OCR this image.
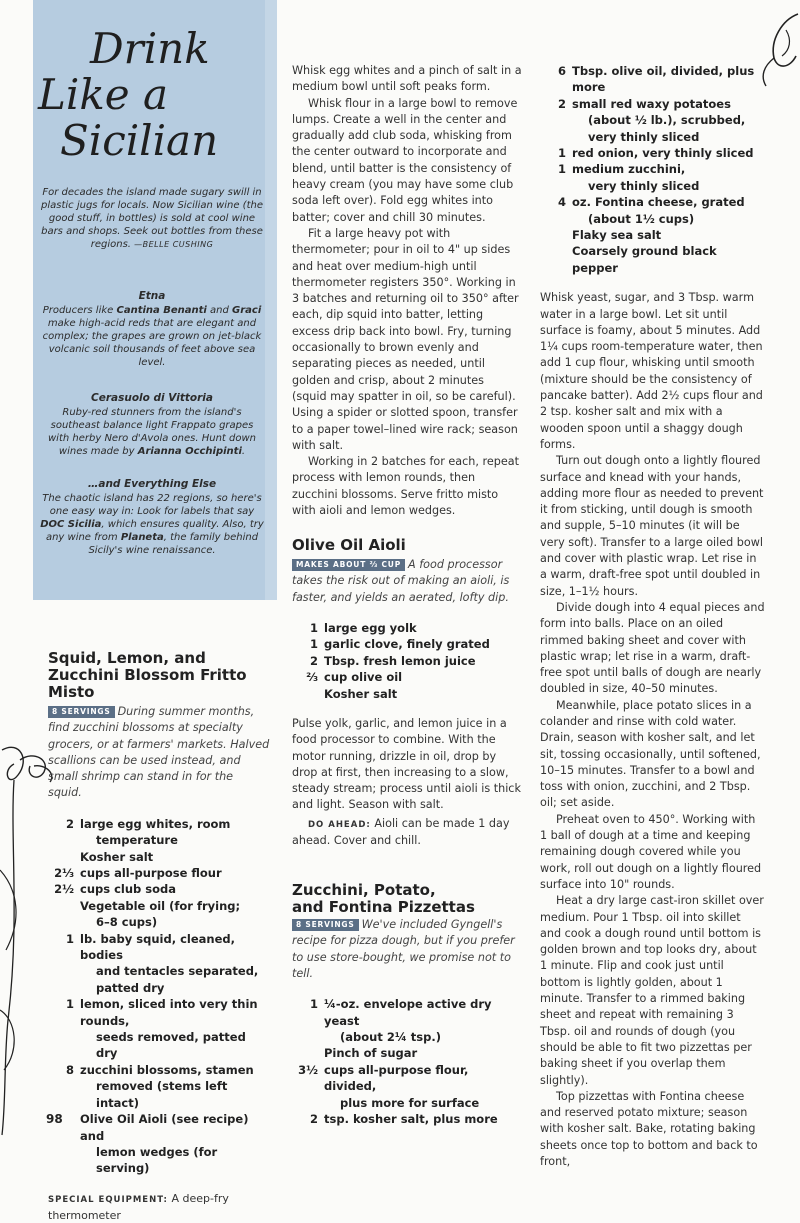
Drink
Like a
Sicilian
For decades the island made sugary swill in plastic jugs for locals. Now Sicilian wine (the good stuff, in bottles) is sold at cool wine bars and shops. Seek out bottles from these regions. —BELLE CUSHING
Etna
Producers like Cantina Benanti and Graci make high-acid reds that are elegant and complex; the grapes are grown on jet-black volcanic soil thousands of feet above sea level.
Cerasuolo di Vittoria
Ruby-red stunners from the island's southeast balance light Frappato grapes with herby Nero d'Avola ones. Hunt down wines made by Arianna Occhipinti.
…and Everything Else
The chaotic island has 22 regions, so here's one easy way in: Look for labels that say DOC Sicilia, which ensures quality. Also, try any wine from Planeta, the family behind Sicily's wine renaissance.
Squid, Lemon, and Zucchini Blossom Fritto Misto
8 SERVINGS During summer months, find zucchini blossoms at specialty grocers, or at farmers' markets. Halved scallions can be used instead, and small shrimp can stand in for the squid.
2 large egg whites, room
temperature
Kosher salt
2⅓ cups all-purpose flour
2½ cups club soda
Vegetable oil (for frying;
6–8 cups)
1 lb. baby squid, cleaned, bodies
and tentacles separated, patted dry
1 lemon, sliced into very thin rounds,
seeds removed, patted dry
8 zucchini blossoms, stamen
removed (stems left intact)
Olive Oil Aioli (see recipe) and
lemon wedges (for serving)
SPECIAL EQUIPMENT: A deep-fry thermometer
98

Whisk egg whites and a pinch of salt in a medium bowl until soft peaks form.

Whisk flour in a large bowl to remove lumps. Create a well in the center and gradually add club soda, whisking from the center outward to incorporate and blend, until batter is the consistency of heavy cream (you may have some club soda left over). Fold egg whites into batter; cover and chill 30 minutes.

Fit a large heavy pot with thermometer; pour in oil to 4" up sides and heat over medium-high until thermometer registers 350°. Working in 3 batches and returning oil to 350° after each, dip squid into batter, letting excess drip back into bowl. Fry, turning occasionally to brown evenly and separating pieces as needed, until golden and crisp, about 2 minutes (squid may spatter in oil, so be careful). Using a spider or slotted spoon, transfer to a paper towel–lined wire rack; season with salt.

Working in 2 batches for each, repeat process with lemon rounds, then zucchini blossoms. Serve fritto misto with aioli and lemon wedges.

Olive Oil Aioli
MAKES ABOUT ⅔ CUP A food processor takes the risk out of making an aioli, is faster, and yields an aerated, lofty dip.
1 large egg yolk
1 garlic clove, finely grated
2 Tbsp. fresh lemon juice
⅔ cup olive oil
Kosher salt

Pulse yolk, garlic, and lemon juice in a food processor to combine. With the motor running, drizzle in oil, drop by drop at first, then increasing to a slow, steady stream; process until aioli is thick and light. Season with salt.

DO AHEAD: Aioli can be made 1 day ahead. Cover and chill.

Zucchini, Potato,
and Fontina Pizzettas
8 SERVINGS We've included Gyngell's recipe for pizza dough, but if you prefer to use store-bought, we promise not to tell.
1 ¼-oz. envelope active dry yeast
(about 2¼ tsp.)
Pinch of sugar
3½ cups all-purpose flour, divided,
plus more for surface
2 tsp. kosher salt, plus more
6 Tbsp. olive oil, divided, plus more
2 small red waxy potatoes
(about ½ lb.), scrubbed,
very thinly sliced
1 red onion, very thinly sliced
1 medium zucchini,
very thinly sliced
4 oz. Fontina cheese, grated
(about 1½ cups)
Flaky sea salt
Coarsely ground black pepper

Whisk yeast, sugar, and 3 Tbsp. warm water in a large bowl. Let sit until surface is foamy, about 5 minutes. Add 1¼ cups room-temperature water, then add 1 cup flour, whisking until smooth (mixture should be the consistency of pancake batter). Add 2½ cups flour and 2 tsp. kosher salt and mix with a wooden spoon until a shaggy dough forms.

Turn out dough onto a lightly floured surface and knead with your hands, adding more flour as needed to prevent it from sticking, until dough is smooth and supple, 5–10 minutes (it will be very soft). Transfer to a large oiled bowl and cover with plastic wrap. Let rise in a warm, draft-free spot until doubled in size, 1–1½ hours.

Divide dough into 4 equal pieces and form into balls. Place on an oiled rimmed baking sheet and cover with plastic wrap; let rise in a warm, draft-free spot until balls of dough are nearly doubled in size, 40–50 minutes.

Meanwhile, place potato slices in a colander and rinse with cold water. Drain, season with kosher salt, and let sit, tossing occasionally, until softened, 10–15 minutes. Transfer to a bowl and toss with onion, zucchini, and 2 Tbsp. oil; set aside.

Preheat oven to 450°. Working with 1 ball of dough at a time and keeping remaining dough covered while you work, roll out dough on a lightly floured surface into 10" rounds.

Heat a dry large cast-iron skillet over medium. Pour 1 Tbsp. oil into skillet and cook a dough round until bottom is golden brown and top looks dry, about 1 minute. Flip and cook just until bottom is lightly golden, about 1 minute. Transfer to a rimmed baking sheet and repeat with remaining 3 Tbsp. oil and rounds of dough (you should be able to fit two pizzettas per baking sheet if you overlap them slightly).

Top pizzettas with Fontina cheese and reserved potato mixture; season with kosher salt. Bake, rotating baking sheets once top to bottom and back to front,
